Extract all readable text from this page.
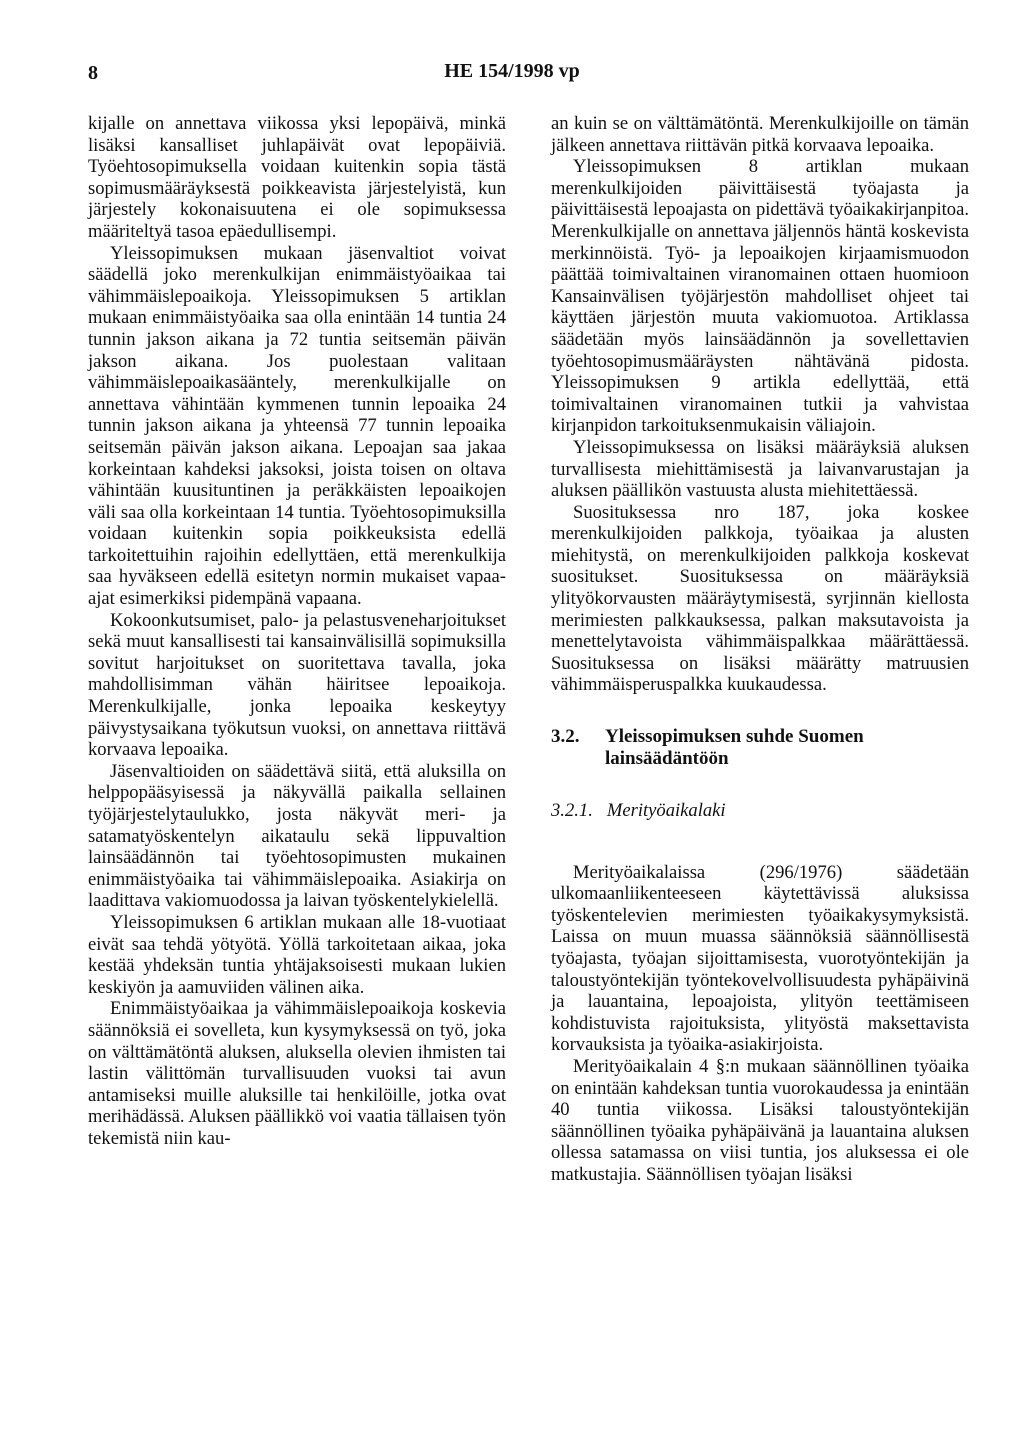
8	HE 154/1998 vp

kijalle on annettava viikossa yksi lepopäivä, minkä lisäksi kansalliset juhlapäivät ovat lepopäiviä. Työehtosopimuksella voidaan kuitenkin sopia tästä sopimusmääräyksestä poikkeavista järjestelyistä, kun järjestely kokonaisuutena ei ole sopimuksessa määriteltyä tasoa epäedullisempi.

Yleissopimuksen mukaan jäsenvaltiot voivat säädellä joko merenkulkijan enimmäistyöaikaa tai vähimmäislepoaikoja. Yleissopimuksen 5 artiklan mukaan enimmäistyöaika saa olla enintään 14 tuntia 24 tunnin jakson aikana ja 72 tuntia seitsemän päivän jakson aikana. Jos puolestaan valitaan vähimmäislepoaikasääntely, merenkulkijalle on annettava vähintään kymmenen tunnin lepoaika 24 tunnin jakson aikana ja yhteensä 77 tunnin lepoaika seitsemän päivän jakson aikana. Lepoajan saa jakaa korkeintaan kahdeksi jaksoksi, joista toisen on oltava vähintään kuusituntinen ja peräkkäisten lepoaikojen väli saa olla korkeintaan 14 tuntia. Työehtosopimuksilla voidaan kuitenkin sopia poikkeuksista edellä tarkoitettuihin rajoihin edellyttäen, että merenkulkija saa hyväkseen edellä esitetyn normin mukaiset vapaa-ajat esimerkiksi pidempänä vapaana.

Kokoonkutsumiset, palo- ja pelastusveneharjoitukset sekä muut kansallisesti tai kansainvälisillä sopimuksilla sovitut harjoitukset on suoritettava tavalla, joka mahdollisimman vähän häiritsee lepoaikoja. Merenkulkijalle, jonka lepoaika keskeytyy päivystysaikana työkutsun vuoksi, on annettava riittävä korvaava lepoaika.

Jäsenvaltioiden on säädettävä siitä, että aluksilla on helppopääsyisessä ja näkyvällä paikalla sellainen työjärjestelytaulukko, josta näkyvät meri- ja satamatyöskentelyn aikataulu sekä lippuvaltion lainsäädännön tai työehtosopimusten mukainen enimmäistyöaika tai vähimmäislepoaika. Asiakirja on laadittava vakiomuodossa ja laivan työskentelykielellä.

Yleissopimuksen 6 artiklan mukaan alle 18-vuotiaat eivät saa tehdä yötyötä. Yöllä tarkoitetaan aikaa, joka kestää yhdeksän tuntia yhtäjaksoisesti mukaan lukien keskiyön ja aamuviiden välinen aika.

Enimmäistyöaikaa ja vähimmäislepoaikoja koskevia säännöksiä ei sovelleta, kun kysymyksessä on työ, joka on välttämätöntä aluksen, aluksella olevien ihmisten tai lastin välittömän turvallisuuden vuoksi tai avun antamiseksi muille aluksille tai henkilöille, jotka ovat merihädässä. Aluksen päällikkö voi vaatia tällaisen työn tekemistä niin kau-

an kuin se on välttämätöntä. Merenkulkijoille on tämän jälkeen annettava riittävän pitkä korvaava lepoaika.

Yleissopimuksen 8 artiklan mukaan merenkulkijoiden päivittäisestä työajasta ja päivittäisestä lepoajasta on pidettävä työaikakirjanpitoa. Merenkulkijalle on annettava jäljennös häntä koskevista merkinnöistä. Työ- ja lepoaikojen kirjaamismuodon päättää toimivaltainen viranomainen ottaen huomioon Kansainvälisen työjärjestön mahdolliset ohjeet tai käyttäen järjestön muuta vakiomuotoa. Artiklassa säädetään myös lainsäädännön ja sovellettavien työehtosopimusmääräysten nähtävänä pidosta. Yleissopimuksen 9 artikla edellyttää, että toimivaltainen viranomainen tutkii ja vahvistaa kirjanpidon tarkoituksenmukaisin väliajoin.

Yleissopimuksessa on lisäksi määräyksiä aluksen turvallisesta miehittämisestä ja laivanvarustajan ja aluksen päällikön vastuusta alusta miehitettäessä.

Suosituksessa nro 187, joka koskee merenkulkijoiden palkkoja, työaikaa ja alusten miehitystä, on merenkulkijoiden palkkoja koskevat suositukset. Suosituksessa on määräyksiä ylityökorvausten määräytymisestä, syrjinnän kiellosta merimiesten palkkauksessa, palkan maksutavoista ja menettelytavoista vähimmäispalkkaa määrättäessä. Suosituksessa on lisäksi määrätty matruusien vähimmäisperuspalkka kuukaudessa.

3.2.	Yleissopimuksen suhde Suomen lainsäädäntöön
3.2.1. Merityöaikalaki

Merityöaikalaissa (296/1976) säädetään ulkomaanliikenteeseen käytettävissä aluksissa työskentelevien merimiesten työaikakysymyksistä. Laissa on muun muassa säännöksiä säännöllisestä työajasta, työajan sijoittamisesta, vuorotyöntekijän ja taloustyöntekijän työntekovelvollisuudesta pyhäpäivinä ja lauantaina, lepoajoista, ylityön teettämiseen kohdistuvista rajoituksista, ylityöstä maksettavista korvauksista ja työaika-asiakirjoista.

Merityöaikalain 4 §:n mukaan säännöllinen työaika on enintään kahdeksan tuntia vuorokaudessa ja enintään 40 tuntia viikossa. Lisäksi taloustyöntekijän säännöllinen työaika pyhäpäivänä ja lauantaina aluksen ollessa satamassa on viisi tuntia, jos aluksessa ei ole matkustajia. Säännöllisen työajan lisäksi
